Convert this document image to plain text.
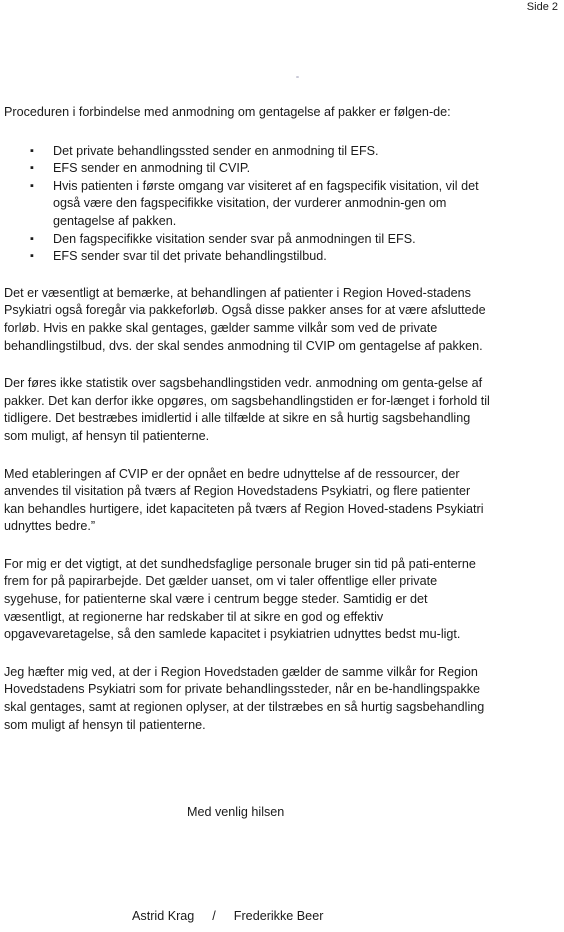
Side 2

Proceduren i forbindelse med anmodning om gentagelse af pakker er følgen-de:

▪ Det private behandlingssted sender en anmodning til EFS.
▪ EFS sender en anmodning til CVIP.
▪ Hvis patienten i første omgang var visiteret af en fagspecifik visitation, vil det også være den fagspecifikke visitation, der vurderer anmodnin-gen om gentagelse af pakken.
▪ Den fagspecifikke visitation sender svar på anmodningen til EFS.
▪ EFS sender svar til det private behandlingstilbud.

Det er væsentligt at bemærke, at behandlingen af patienter i Region Hoved-stadens Psykiatri også foregår via pakkeforløb. Også disse pakker anses for at være afsluttede forløb. Hvis en pakke skal gentages, gælder samme vilkår som ved de private behandlingstilbud, dvs. der skal sendes anmodning til CVIP om gentagelse af pakken.

Der føres ikke statistik over sagsbehandlingstiden vedr. anmodning om genta-gelse af pakker. Det kan derfor ikke opgøres, om sagsbehandlingstiden er for-længet i forhold til tidligere. Det bestræbes imidlertid i alle tilfælde at sikre en så hurtig sagsbehandling som muligt, af hensyn til patienterne.

Med etableringen af CVIP er der opnået en bedre udnyttelse af de ressourcer, der anvendes til visitation på tværs af Region Hovedstadens Psykiatri, og flere patienter kan behandles hurtigere, idet kapaciteten på tværs af Region Hoved-stadens Psykiatri udnyttes bedre.”

For mig er det vigtigt, at det sundhedsfaglige personale bruger sin tid på pati-enterne frem for på papirarbejde. Det gælder uanset, om vi taler offentlige eller private sygehuse, for patienterne skal være i centrum begge steder. Samtidig er det væsentligt, at regionerne har redskaber til at sikre en god og effektiv opgavevaretagelse, så den samlede kapacitet i psykiatrien udnyttes bedst mu-ligt.

Jeg hæfter mig ved, at der i Region Hovedstaden gælder de samme vilkår for Region Hovedstadens Psykiatri som for private behandlingssteder, når en be-handlingspakke skal gentages, samt at regionen oplyser, at der tilstræbes en så hurtig sagsbehandling som muligt af hensyn til patienterne.

Med venlig hilsen
Astrid Krag / Frederikke Beer
